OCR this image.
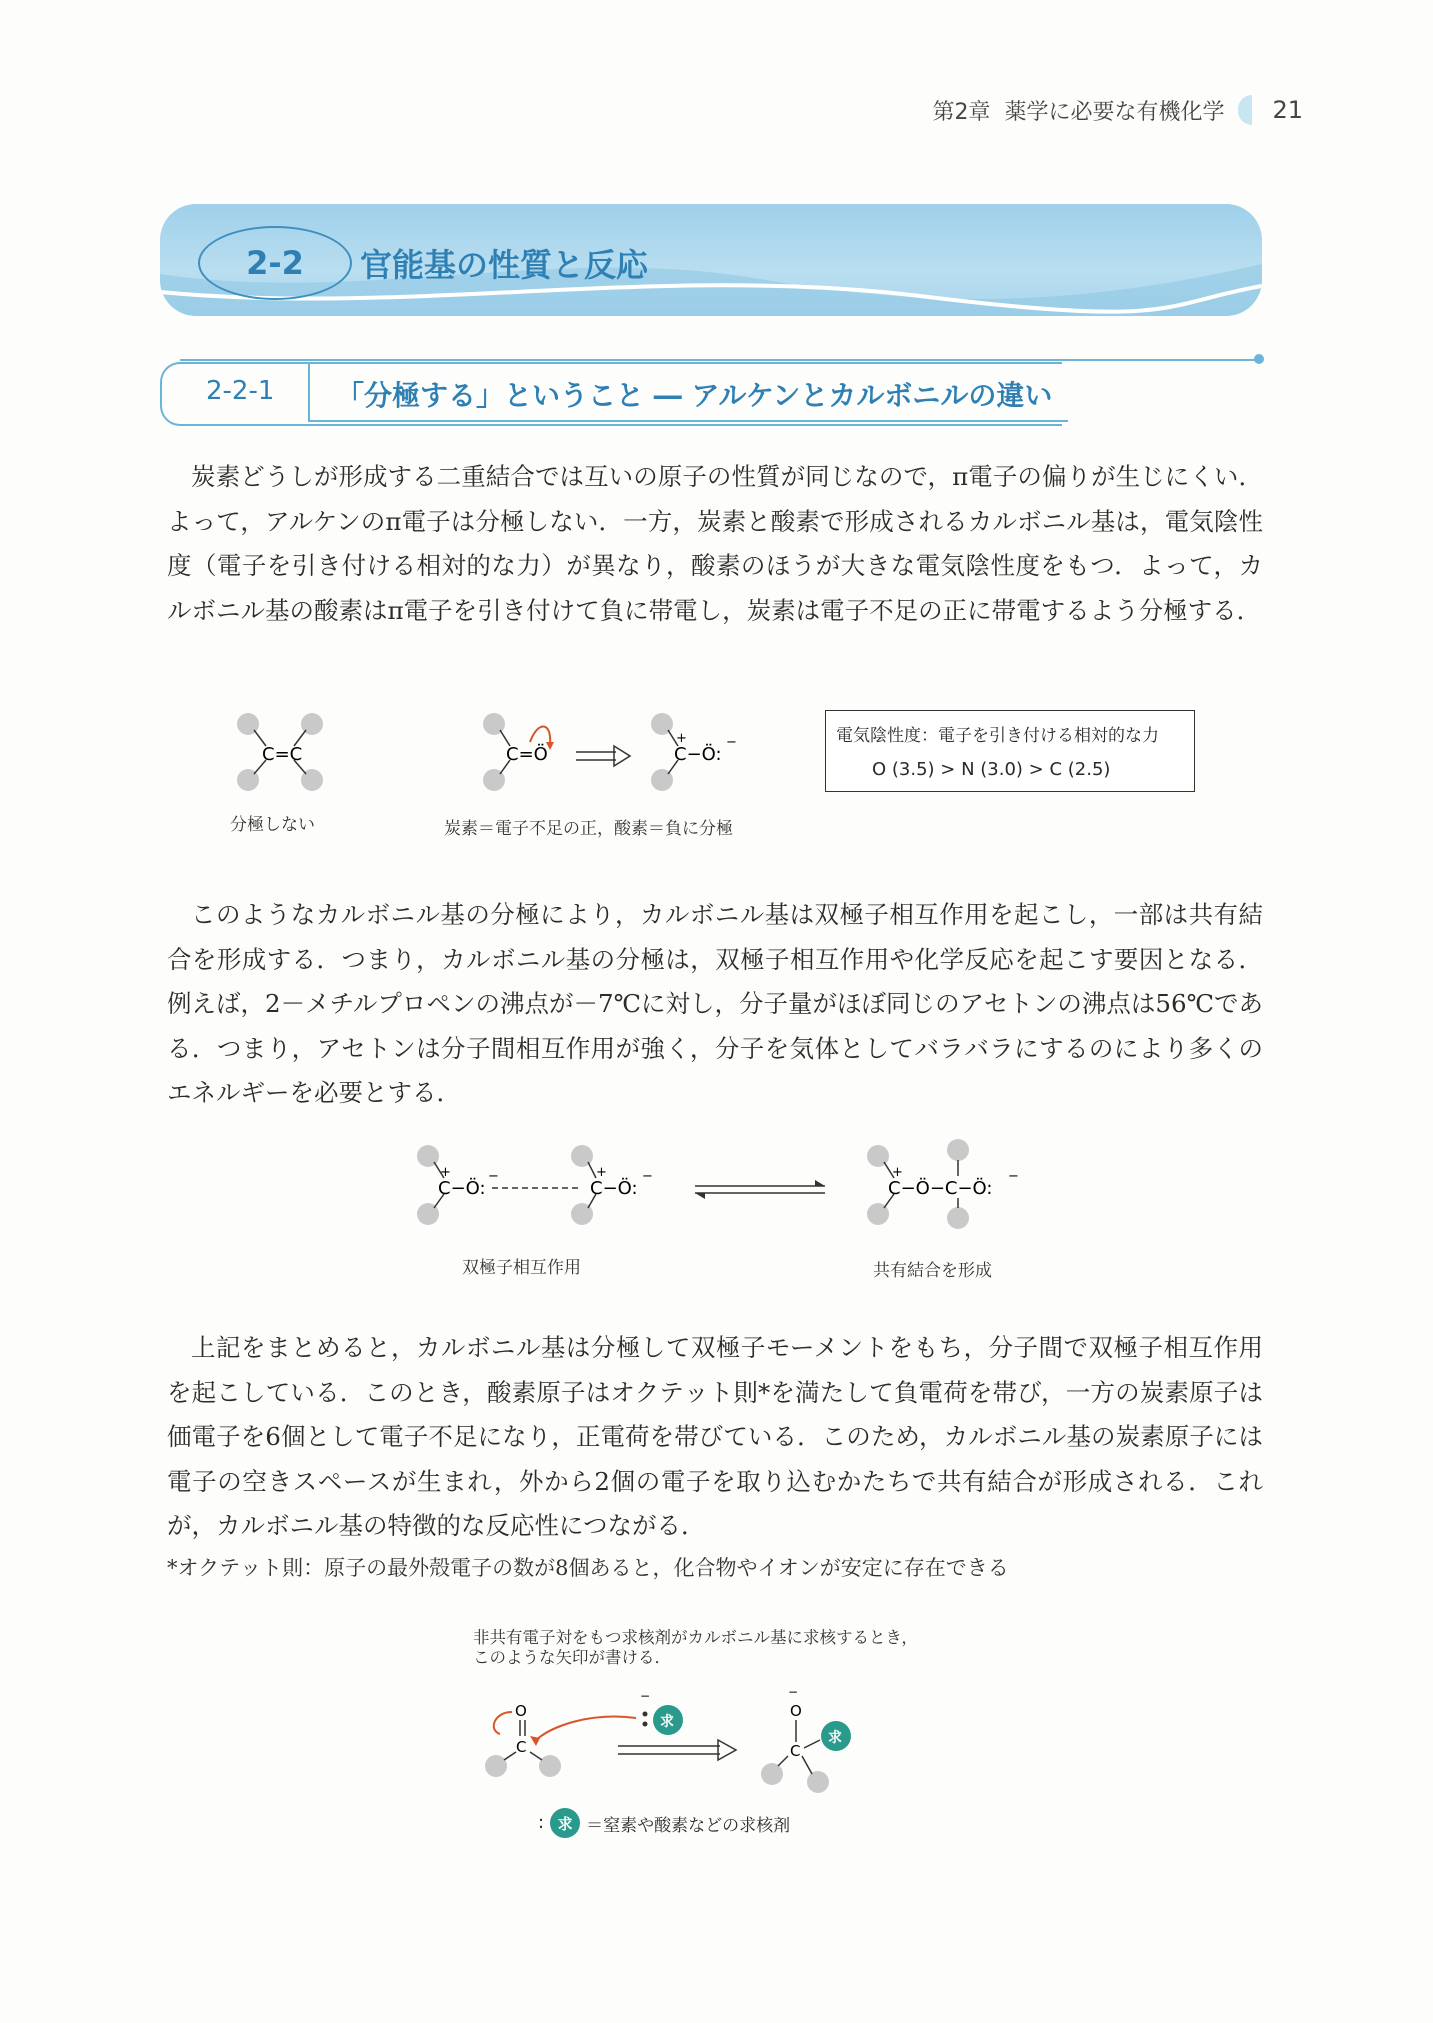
第2章 薬学に必要な有機化学 21
2-2	官能基の性質と反応
2-2-1 「分極する」ということ ― アルケンとカルボニルの違い

炭素どうしが形成する二重結合では互いの原子の性質が同じなので，π電子の偏りが生じにくい．よって，アルケンのπ電子は分極しない．一方，炭素と酸素で形成されるカルボニル基は，電気陰性度（電子を引き付ける相対的な力）が異なり，酸素のほうが大きな電気陰性度をもつ．よって，カルボニル基の酸素はπ電子を引き付けて負に帯電し，炭素は電子不足の正に帯電するよう分極する．

C=C	C=Ö
+
C−Ö:
−
分極しない	炭素＝電子不足の正，酸素＝負に分極
電気陰性度：電子を引き付ける相対的な力
O (3.5) > N (3.0) > C (2.5)

このようなカルボニル基の分極により，カルボニル基は双極子相互作用を起こし，一部は共有結合を形成する．つまり，カルボニル基の分極は，双極子相互作用や化学反応を起こす要因となる．例えば，2－メチルプロペンの沸点が－7℃に対し，分子量がほぼ同じのアセトンの沸点は56℃である．つまり，アセトンは分子間相互作用が強く，分子を気体としてバラバラにするのにより多くのエネルギーを必要とする．

+
C−Ö:
−	+
C−Ö:
−	+
C−Ö−C−Ö:
−
双極子相互作用	共有結合を形成

上記をまとめると，カルボニル基は分極して双極子モーメントをもち，分子間で双極子相互作用を起こしている．このとき，酸素原子はオクテット則*を満たして負電荷を帯び，一方の炭素原子は価電子を6個として電子不足になり，正電荷を帯びている．このため，カルボニル基の炭素原子には電子の空きスペースが生まれ，外から2個の電子を取り込むかたちで共有結合が形成される．これが，カルボニル基の特徴的な反応性につながる．

*オクテット則：原子の最外殻電子の数が8個あると，化合物やイオンが安定に存在できる
非共有電子対をもつ求核剤がカルボニル基に求核するとき，
このような矢印が書ける．
C
O
−
求
O
−
C
求
: 求 ＝窒素や酸素などの求核剤
